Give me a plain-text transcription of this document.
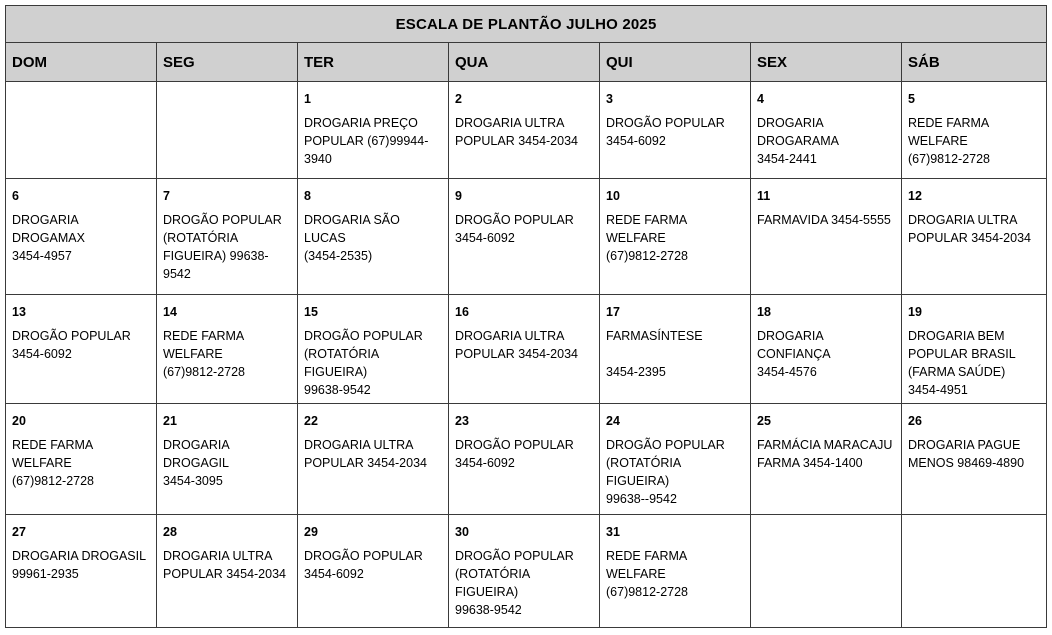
ESCALA DE PLANTÃO JULHO 2025						
DOM	SEG	TER	QUA	QUI	SEX	SÁB

		1
DROGARIA PREÇO
POPULAR (67)99944-
3940	2
DROGARIA ULTRA
POPULAR 3454-2034	3
DROGÃO POPULAR
3454-6092	4
DROGARIA
DROGARAMA
3454-2441	5
REDE FARMA
WELFARE
(67)9812-2728

6
DROGARIA DROGAMAX
3454-4957	7
DROGÃO POPULAR
(ROTATÓRIA
FIGUEIRA) 99638-
9542	8
DROGARIA SÃO LUCAS
(3454-2535)	9
DROGÃO POPULAR
3454-6092	10
REDE FARMA WELFARE
(67)9812-2728	11
FARMAVIDA 3454-5555	12
DROGARIA ULTRA
POPULAR 3454-2034

13
DROGÃO POPULAR
3454-6092	14
REDE FARMA
WELFARE
(67)9812-2728	15
DROGÃO POPULAR
(ROTATÓRIA FIGUEIRA)
99638-9542	16
DROGARIA ULTRA
POPULAR 3454-2034	17
FARMASÍNTESE

3454-2395	18
DROGARIA CONFIANÇA
3454-4576	19
DROGARIA BEM
POPULAR BRASIL
(FARMA SAÚDE)
3454-4951

20
REDE FARMA WELFARE
(67)9812-2728	21
DROGARIA DROGAGIL
3454-3095	22
DROGARIA ULTRA
POPULAR 3454-2034	23
DROGÃO POPULAR
3454-6092	24
DROGÃO POPULAR
(ROTATÓRIA FIGUEIRA)
99638--9542	25
FARMÁCIA MARACAJU
FARMA 3454-1400	26
DROGARIA PAGUE
MENOS 98469-4890

27
DROGARIA DROGASIL
99961-2935	28
DROGARIA ULTRA
POPULAR 3454-2034	29
DROGÃO POPULAR
3454-6092	30
DROGÃO POPULAR
(ROTATÓRIA FIGUEIRA)
99638-9542	31
REDE FARMA WELFARE
(67)9812-2728		
